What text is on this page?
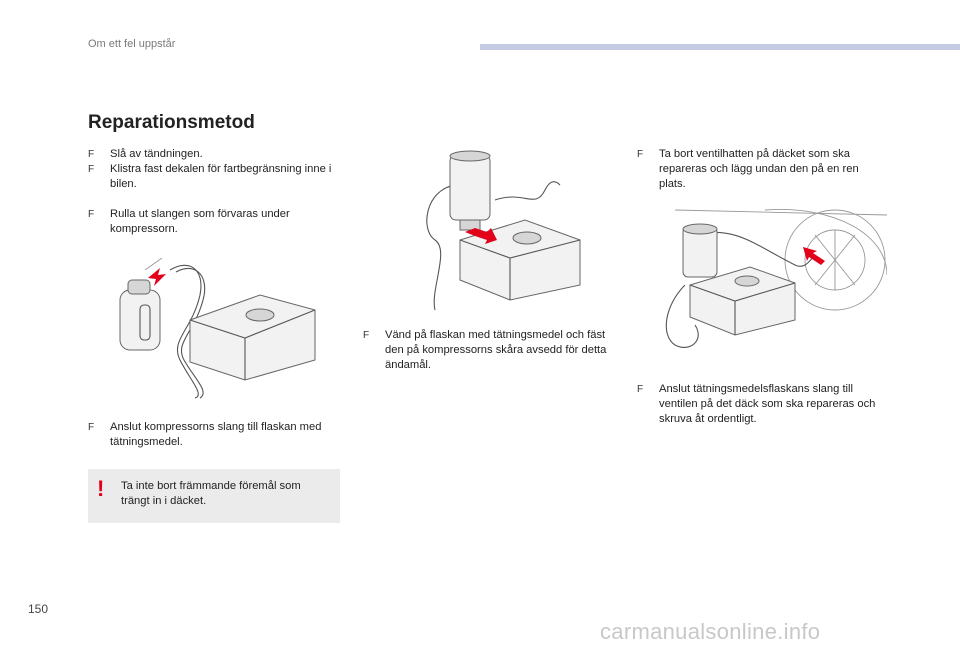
Om ett fel uppstår
Reparationsmetod
F	Slå av tändningen.
F	Klistra fast dekalen för fartbegränsning inne i bilen.
F	Rulla ut slangen som förvaras under kompressorn.
F	Anslut kompressorns slang till flaskan med tätningsmedel.
! Ta inte bort främmande föremål som trängt in i däcket.
F	Vänd på flaskan med tätningsmedel och fäst den på kompressorns skåra avsedd för detta ändamål.
F	Ta bort ventilhatten på däcket som ska repareras och lägg undan den på en ren plats.
F	Anslut tätningsmedelsflaskans slang till ventilen på det däck som ska repareras och skruva åt ordentligt.
150
carmanualsonline.info
